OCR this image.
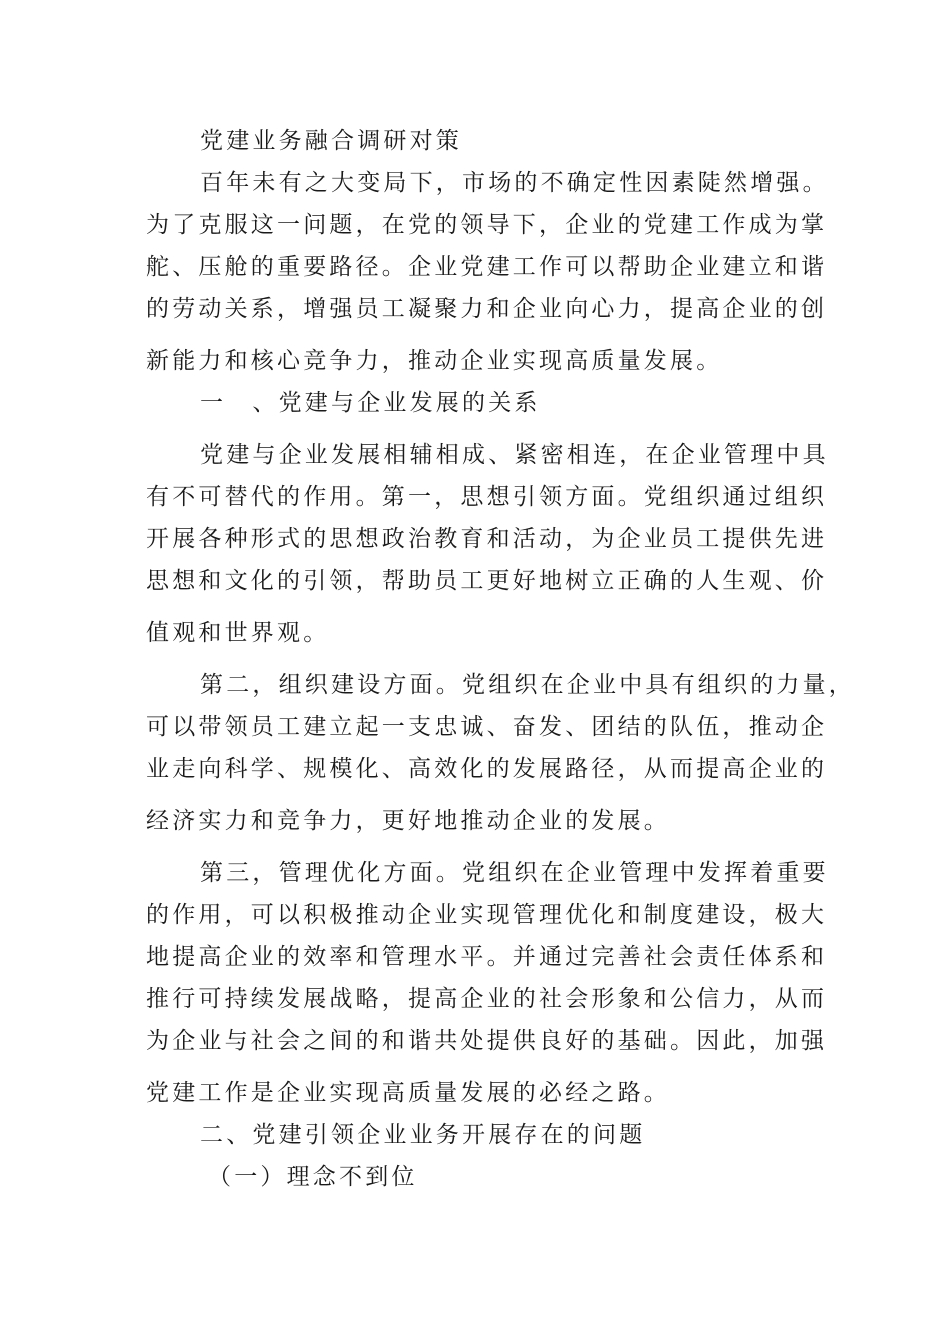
党建业务融合调研对策
百年未有之大变局下，市场的不确定性因素陡然增强。
为了克服这一问题，在党的领导下，企业的党建工作成为掌
舵、压舱的重要路径。企业党建工作可以帮助企业建立和谐
的劳动关系，增强员工凝聚力和企业向心力，提高企业的创
新能力和核心竞争力，推动企业实现高质量发展。
一　、党建与企业发展的关系
党建与企业发展相辅相成、紧密相连，在企业管理中具
有不可替代的作用。第一，思想引领方面。党组织通过组织
开展各种形式的思想政治教育和活动，为企业员工提供先进
思想和文化的引领，帮助员工更好地树立正确的人生观、价
值观和世界观。
第二，组织建设方面。党组织在企业中具有组织的力量，
可以带领员工建立起一支忠诚、奋发、团结的队伍，推动企
业走向科学、规模化、高效化的发展路径，从而提高企业的
经济实力和竞争力，更好地推动企业的发展。
第三，管理优化方面。党组织在企业管理中发挥着重要
的作用，可以积极推动企业实现管理优化和制度建设，极大
地提高企业的效率和管理水平。并通过完善社会责任体系和
推行可持续发展战略，提高企业的社会形象和公信力，从而
为企业与社会之间的和谐共处提供良好的基础。因此，加强
党建工作是企业实现高质量发展的必经之路。
二、党建引领企业业务开展存在的问题
（一）理念不到位
